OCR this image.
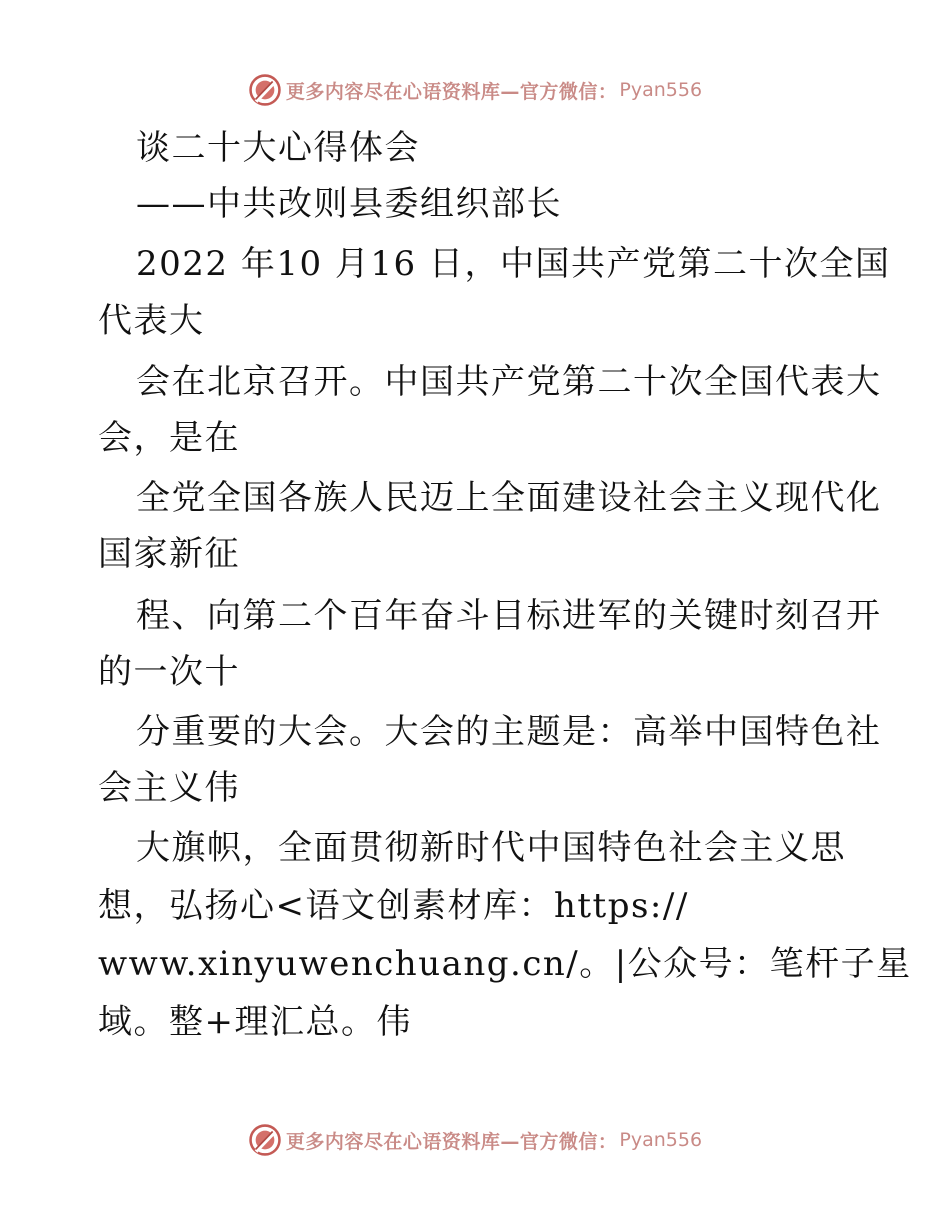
更多内容尽在心语资料库—官方微信： Pyan556
谈二十大心得体会
——中共改则县委组织部长
2022 年10 月16 日，中国共产党第二十次全国
代表大
会在北京召开。中国共产党第二十次全国代表大
会，是在
全党全国各族人民迈上全面建设社会主义现代化
国家新征
程、向第二个百年奋斗目标进军的关键时刻召开
的一次十
分重要的大会。大会的主题是：高举中国特色社
会主义伟
大旗帜，全面贯彻新时代中国特色社会主义思
想，弘扬心<语文创素材库：https://
www.xinyuwenchuang.cn/。|公众号：笔杆子星
域。整+理汇总。伟
更多内容尽在心语资料库—官方微信： Pyan556
